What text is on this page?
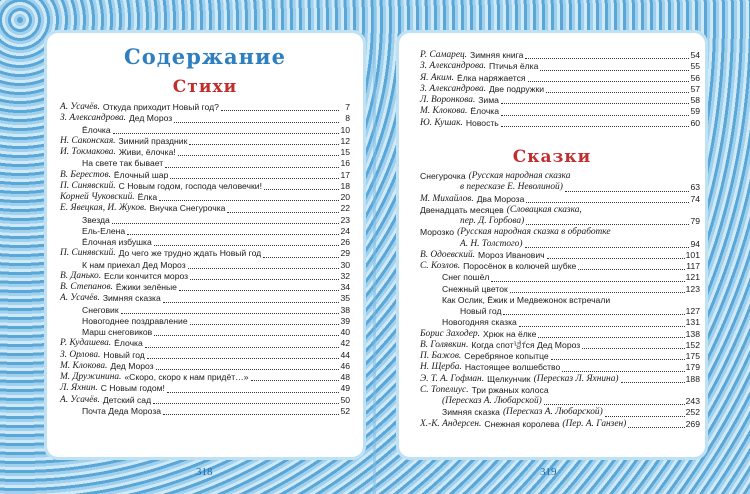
Содержание
Стихи
А. Усачёв. Откуда приходит Новый год?	7
З. Александрова. Дед Мороз	8
Ёлочка	10
Н. Саконская. Зимний праздник	12
И. Токмакова. Живи, ёлочка!	15
На свете так бывает	16
В. Берестов. Ёлочный шар	17
П. Синявский. С Новым годом, господа человечки!	18
Корней Чуковский. Ёлка	20
Е. Явецкая, И. Жуков. Внучка Снегурочка	22
Звезда	23
Ель-Елена	24
Ёлочная избушка	26
П. Синявский. До чего же трудно ждать Новый год	29
К нам приехал Дед Мороз	30
В. Данько. Если кончится мороз	32
В. Степанов. Ёжики зелёные	34
А. Усачёв. Зимняя сказка	35
Снеговик	38
Новогоднее поздравление	39
Марш снеговиков	40
Р. Кудашева. Ёлочка	42
З. Орлова. Новый год	44
М. Клокова. Дед Мороз	46
М. Дружинина. «Скоро, скоро к нам придёт…»	48
Л. Яхнин. С Новым годом!	49
А. Усачёв. Детский сад	50
Почта Деда Мороза	52
Р. Самарец. Зимняя книга	54
З. Александрова. Птичья ёлка	55
Я. Аким. Ёлка наряжается	56
З. Александрова. Две подружки	57
Л. Воронкова. Зима	58
М. Клокова. Ёлочка	59
Ю. Кушак. Новость	60
Сказки
Снегурочка (Русская народная сказка
в пересказе Е. Неволиной)	63
М. Михайлов. Два Мороза	74
Двенадцать месяцев (Словацкая сказка,
пер. Д. Горбова)	79
Морозко (Русская народная сказка в обработке
А. Н. Толстого)	94
В. Одоевский. Мороз Иванович	101
С. Козлов. Поросёнок в колючей шубке	117
Снег пошёл	121
Снежный цветок	123
Как Ослик, Ёжик и Медвежонок встречали
Новый год	127
Новогодняя сказка	131
Борис Заходер. Хрюк на ёлке	138
В. Голявкин. Когда спот녕́тся Дед Мороз	152
П. Бажов. Серебряное копытце	175
Н. Щерба. Настоящее волшебство	179
Э. Т. А. Гофман. Щелкунчик (Пересказ Л. Яхнина)	188
С. Топелиус. Три ржаных колоса
(Пересказ А. Любарской)	243
Зимняя сказка (Пересказ А. Любарской)	252
Х.-К. Андерсен. Снежная королева (Пер. А. Ганзен)	269
318	319
